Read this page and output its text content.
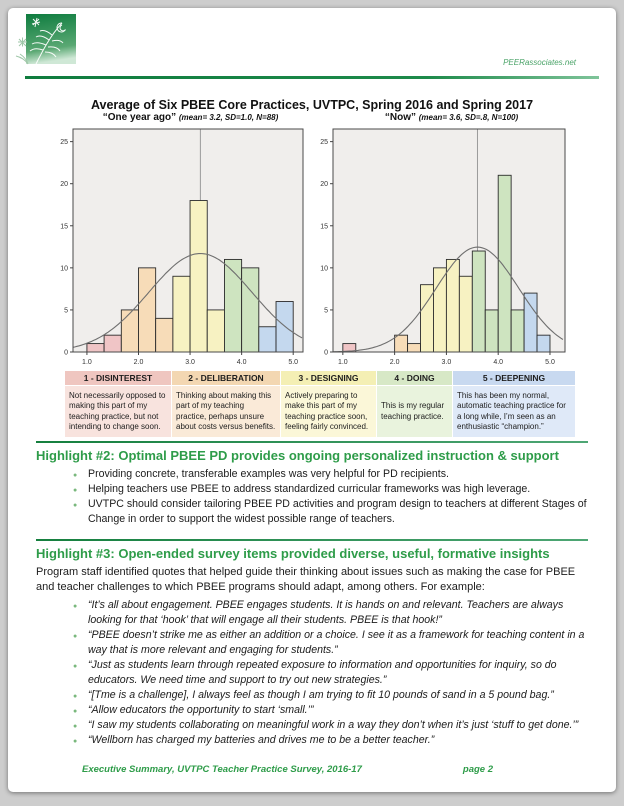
PEERassociates.net
Average of Six PBEE Core Practices, UVTPC, Spring 2016 and Spring 2017
“One year ago” (mean= 3.2, SD=1.0, N=88)
0
5
10
15
20
25
1.0	2.0	3.0	4.0	5.0
“Now” (mean= 3.6, SD=.8, N=100)
0
5
10
15
20
25
1.0	2.0	3.0	4.0	5.0
1 - DISINTEREST	2 - DELIBERATION	3 - DESIGNING	4 - DOING	5 - DEEPENING
Not necessarily opposed to making this part of my teaching practice, but not intending to change soon.	Thinking about making this part of my teaching practice, perhaps unsure about costs versus benefits.	Actively preparing to make this part of my teaching practice soon, feeling fairly convinced.	This is my regular teaching practice.	This has been my normal, automatic teaching practice for a long while, I’m seen as an enthusiastic “champion.”
Highlight #2: Optimal PBEE PD provides ongoing personalized instruction & support
● Providing concrete, transferable examples was very helpful for PD recipients.
● Helping teachers use PBEE to address standardized curricular frameworks was high leverage.
● UVTPC should consider tailoring PBEE PD activities and program design to teachers at different Stages of Change in order to support the widest possible range of teachers.
Highlight #3: Open-ended survey items provided diverse, useful, formative insights
Program staff identified quotes that helped guide their thinking about issues such as making the case for PBEE and teacher challenges to which PBEE programs should adapt, among others. For example:
● “It’s all about engagement. PBEE engages students. It is hands on and relevant. Teachers are always looking for that ‘hook’ that will engage all their students. PBEE is that hook!”
● “PBEE doesn’t strike me as either an addition or a choice. I see it as a framework for teaching content in a way that is more relevant and engaging for students.”
● “Just as students learn through repeated exposure to information and opportunities for inquiry, so do educators. We need time and support to try out new strategies.”
● “[Tme is a challenge], I always feel as though I am trying to fit 10 pounds of sand in a 5 pound bag.”
● “Allow educators the opportunity to start ‘small.’”
● “I saw my students collaborating on meaningful work in a way they don’t when it’s just ‘stuff to get done.’”
● “Wellborn has charged my batteries and drives me to be a better teacher.”
Executive Summary, UVTPC Teacher Practice Survey, 2016-17	page 2
